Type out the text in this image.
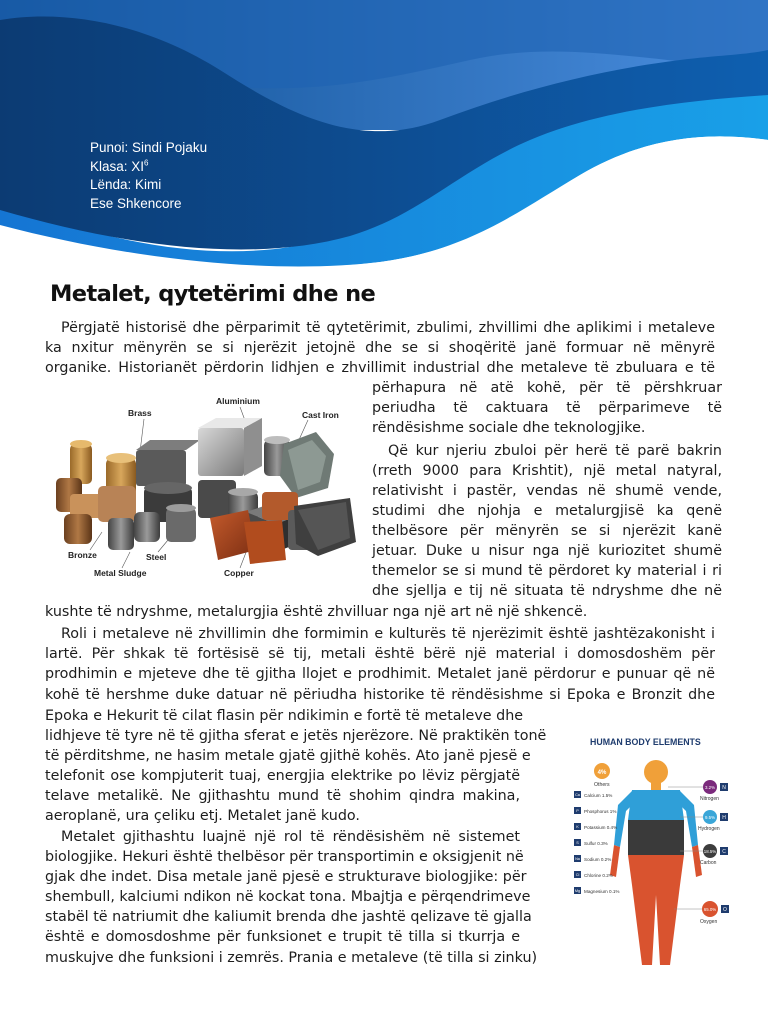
Punoi: Sindi Pojaku
Klasa: $XI^6$
Lënda: Kimi
Ese Shkencore
Metalet, qytetërimi dhe ne
Përgjatë historisë dhe përparimit të qytetërimit, zbulimi, zhvillimi dhe aplikimi i metaleve
ka nxitur mënyrën se si njerëzit jetojnë dhe se si shoqëritë janë formuar në mënyrë
organike. Historianët përdorin lidhjen e zhvillimit industrial dhe metaleve të zbuluara e të
përhapura në atë kohë, për të përshkruar
periudha të caktuara të përparimeve të
rëndësishme sociale dhe teknologjike.
Që kur njeriu zbuloi për herë të parë bakrin
(rreth 9000 para Krishtit), një metal natyral,
relativisht i pastër, vendas në shumë vende,
studimi dhe njohja e metalurgjisë ka qenë
thelbësore për mënyrën se si njerëzit kanë
jetuar. Duke u nisur nga një kuriozitet shumë
themelor se si mund të përdoret ky material i ri
dhe sjellja e tij në situata të ndryshme dhe në
kushte të ndryshme, metalurgjia është zhvilluar nga një art në një shkencë.
Roli i metaleve në zhvillimin dhe formimin e kulturës të njerëzimit është jashtëzakonisht i
lartë. Për shkak të fortësisë së tij, metali është bërë një material i domosdoshëm për
prodhimin e mjeteve dhe të gjitha llojet e prodhimit. Metalet janë përdorur e punuar që në
kohë të hershme duke datuar në përiudha historike të rëndësishme si Epoka e Bronzit dhe
Epoka e Hekurit të cilat flasin për ndikimin e fortë të metaleve dhe
lidhjeve të tyre në të gjitha sferat e jetës njerëzore. Në praktikën tonë
të përditshme, ne hasim metale gjatë gjithë kohës. Ato janë pjesë e
telefonit ose kompjuterit tuaj, energjia elektrike po lëviz përgjatë
telave metalikë. Ne gjithashtu mund të shohim qindra makina,
aeroplanë, ura çeliku etj. Metalet janë kudo.
Metalet gjithashtu luajnë një rol të rëndësishëm në sistemet
biologjike. Hekuri është thelbësor për transportimin e oksigjenit në
gjak dhe indet. Disa metale janë pjesë e strukturave biologjike: për
shembull, kalciumi ndikon në kockat tona. Mbajtja e përqendrimeve
stabël të natriumit dhe kaliumit brenda dhe jashtë qelizave të gjalla
është e domosdoshme për funksionet e trupit të tilla si tkurrja e
muskujve dhe funksioni i zemrës. Prania e metaleve (të tilla si zinku)
Brass
Aluminium
Cast Iron
Bronze	Steel
Metal Sludge	Copper
HUMAN BODY ELEMENTS
4%
Others
Ca Calcium 1.5%
P Phosphorus 1%
K Potassium 0.4%
S Sulfur 0.3%
Na Sodium 0.2%
Cl Chlorine 0.2%
Mg Magnesium 0.1%
3.2% N
Nitrogen
9.5% H
Hydrogen
18.5% C
Carbon
65.0% O
Oxygen
